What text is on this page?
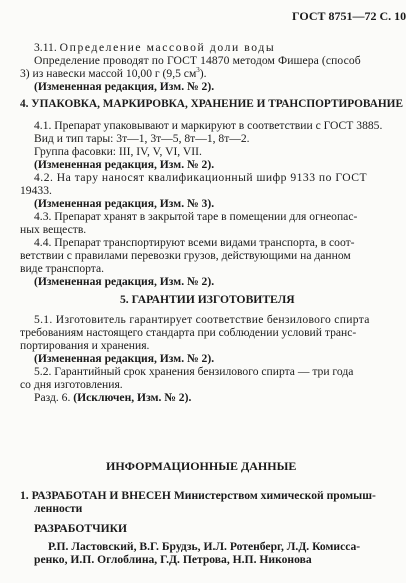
ГОСТ 8751—72 С. 10
3.11. Определение массовой доли воды
Определение проводят по ГОСТ 14870 методом Фишера (способ
3) из навески массой 10,00 г (9,5 $см^3$).
(Измененная редакция, Изм. № 2).
4. УПАКОВКА, МАРКИРОВКА, ХРАНЕНИЕ И ТРАНСПОРТИРОВАНИЕ
4.1. Препарат упаковывают и маркируют в соответствии с ГОСТ 3885.
Вид и тип тары: 3т—1, 3т—5, 8т—1, 8т—2.
Группа фасовки: III, IV, V, VI, VII.
(Измененная редакция, Изм. № 2).
4.2. На тару наносят квалификационный шифр 9133 по ГОСТ
19433.
(Измененная редакция, Изм. № 3).
4.3. Препарат хранят в закрытой таре в помещении для огнеопас-
ных веществ.
4.4. Препарат транспортируют всеми видами транспорта, в соот-
ветствии с правилами перевозки грузов, действующими на данном
виде транспорта.
(Измененная редакция, Изм. № 2).
5. ГАРАНТИИ ИЗГОТОВИТЕЛЯ
5.1. Изготовитель гарантирует соответствие бензилового спирта
требованиям настоящего стандарта при соблюдении условий транс-
портирования и хранения.
(Измененная редакция, Изм. № 2).
5.2. Гарантийный срок хранения бензилового спирта — три года
со дня изготовления.
Разд. 6. (Исключен, Изм. № 2).
ИНФОРМАЦИОННЫЕ ДАННЫЕ
1. РАЗРАБОТАН И ВНЕСЕН Министерством химической промыш-
ленности
РАЗРАБОТЧИКИ
Р.П. Ластовский, В.Г. Брудзь, И.Л. Ротенберг, Л.Д. Комисса-
ренко, И.П. Оглоблина, Г.Д. Петрова, Н.П. Никонова
